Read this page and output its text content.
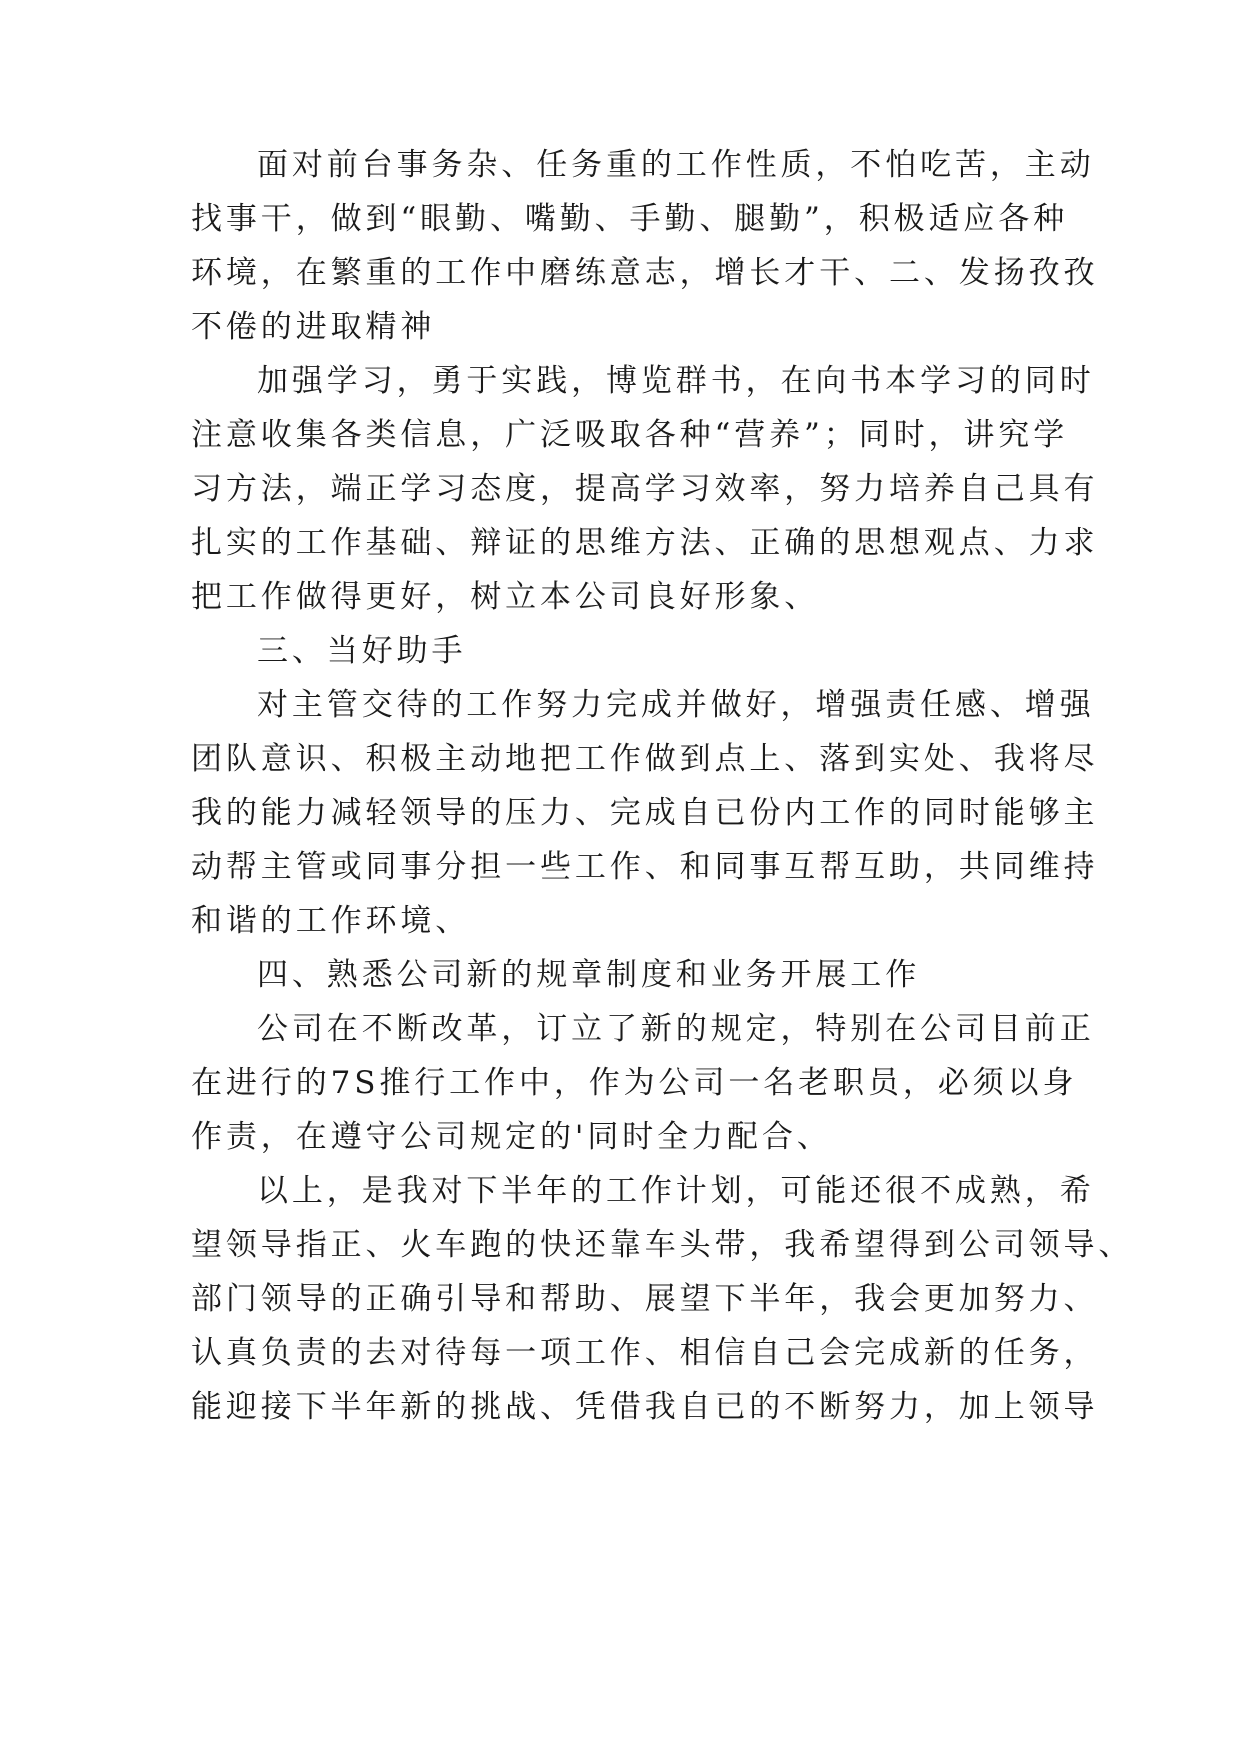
面对前台事务杂、任务重的工作性质，不怕吃苦，主动
找事干，做到“眼勤、嘴勤、手勤、腿勤”，积极适应各种
环境，在繁重的工作中磨练意志，增长才干、二、发扬孜孜
不倦的进取精神
加强学习，勇于实践，博览群书，在向书本学习的同时
注意收集各类信息，广泛吸取各种“营养”；同时，讲究学
习方法，端正学习态度，提高学习效率，努力培养自己具有
扎实的工作基础、辩证的思维方法、正确的思想观点、力求
把工作做得更好，树立本公司良好形象、
三、当好助手
对主管交待的工作努力完成并做好，增强责任感、增强
团队意识、积极主动地把工作做到点上、落到实处、我将尽
我的能力减轻领导的压力、完成自已份内工作的同时能够主
动帮主管或同事分担一些工作、和同事互帮互助，共同维持
和谐的工作环境、
四、熟悉公司新的规章制度和业务开展工作
公司在不断改革，订立了新的规定，特别在公司目前正
在进行的7S推行工作中，作为公司一名老职员，必须以身
作责，在遵守公司规定的'同时全力配合、
以上，是我对下半年的工作计划，可能还很不成熟，希
望领导指正、火车跑的快还靠车头带，我希望得到公司领导、
部门领导的正确引导和帮助、展望下半年，我会更加努力、
认真负责的去对待每一项工作、相信自己会完成新的任务，
能迎接下半年新的挑战、凭借我自已的不断努力，加上领导
